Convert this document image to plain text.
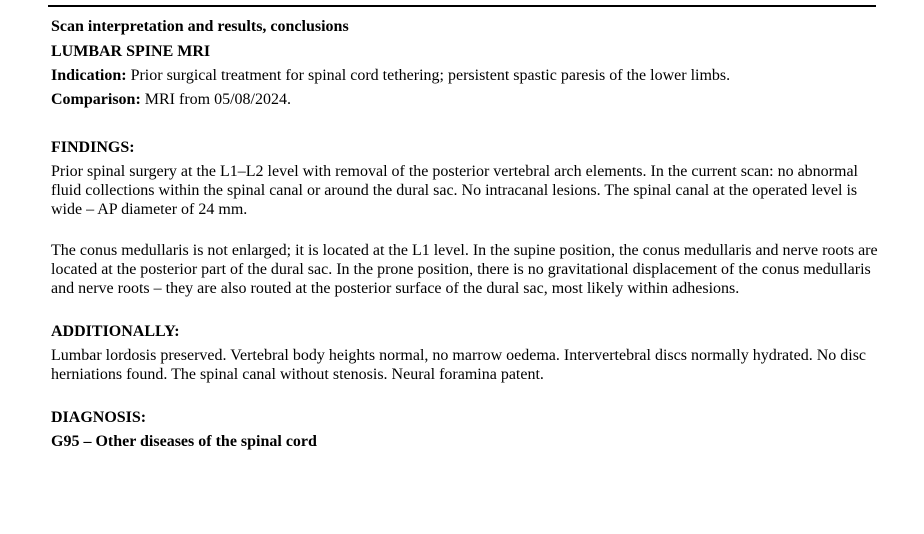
Scan interpretation and results, conclusions
LUMBAR SPINE MRI
Indication: Prior surgical treatment for spinal cord tethering; persistent spastic paresis of the lower limbs.
Comparison: MRI from 05/08/2024.
FINDINGS:

Prior spinal surgery at the L1–L2 level with removal of the posterior vertebral arch elements. In the current scan: no abnormal fluid collections within the spinal canal or around the dural sac. No intracanal lesions. The spinal canal at the operated level is wide – AP diameter of 24 mm.

The conus medullaris is not enlarged; it is located at the L1 level. In the supine position, the conus medullaris and nerve roots are located at the posterior part of the dural sac. In the prone position, there is no gravitational displacement of the conus medullaris and nerve roots – they are also routed at the posterior surface of the dural sac, most likely within adhesions.

ADDITIONALLY:

Lumbar lordosis preserved. Vertebral body heights normal, no marrow oedema. Intervertebral discs normally hydrated. No disc herniations found. The spinal canal without stenosis. Neural foramina patent.

DIAGNOSIS:
G95 – Other diseases of the spinal cord
